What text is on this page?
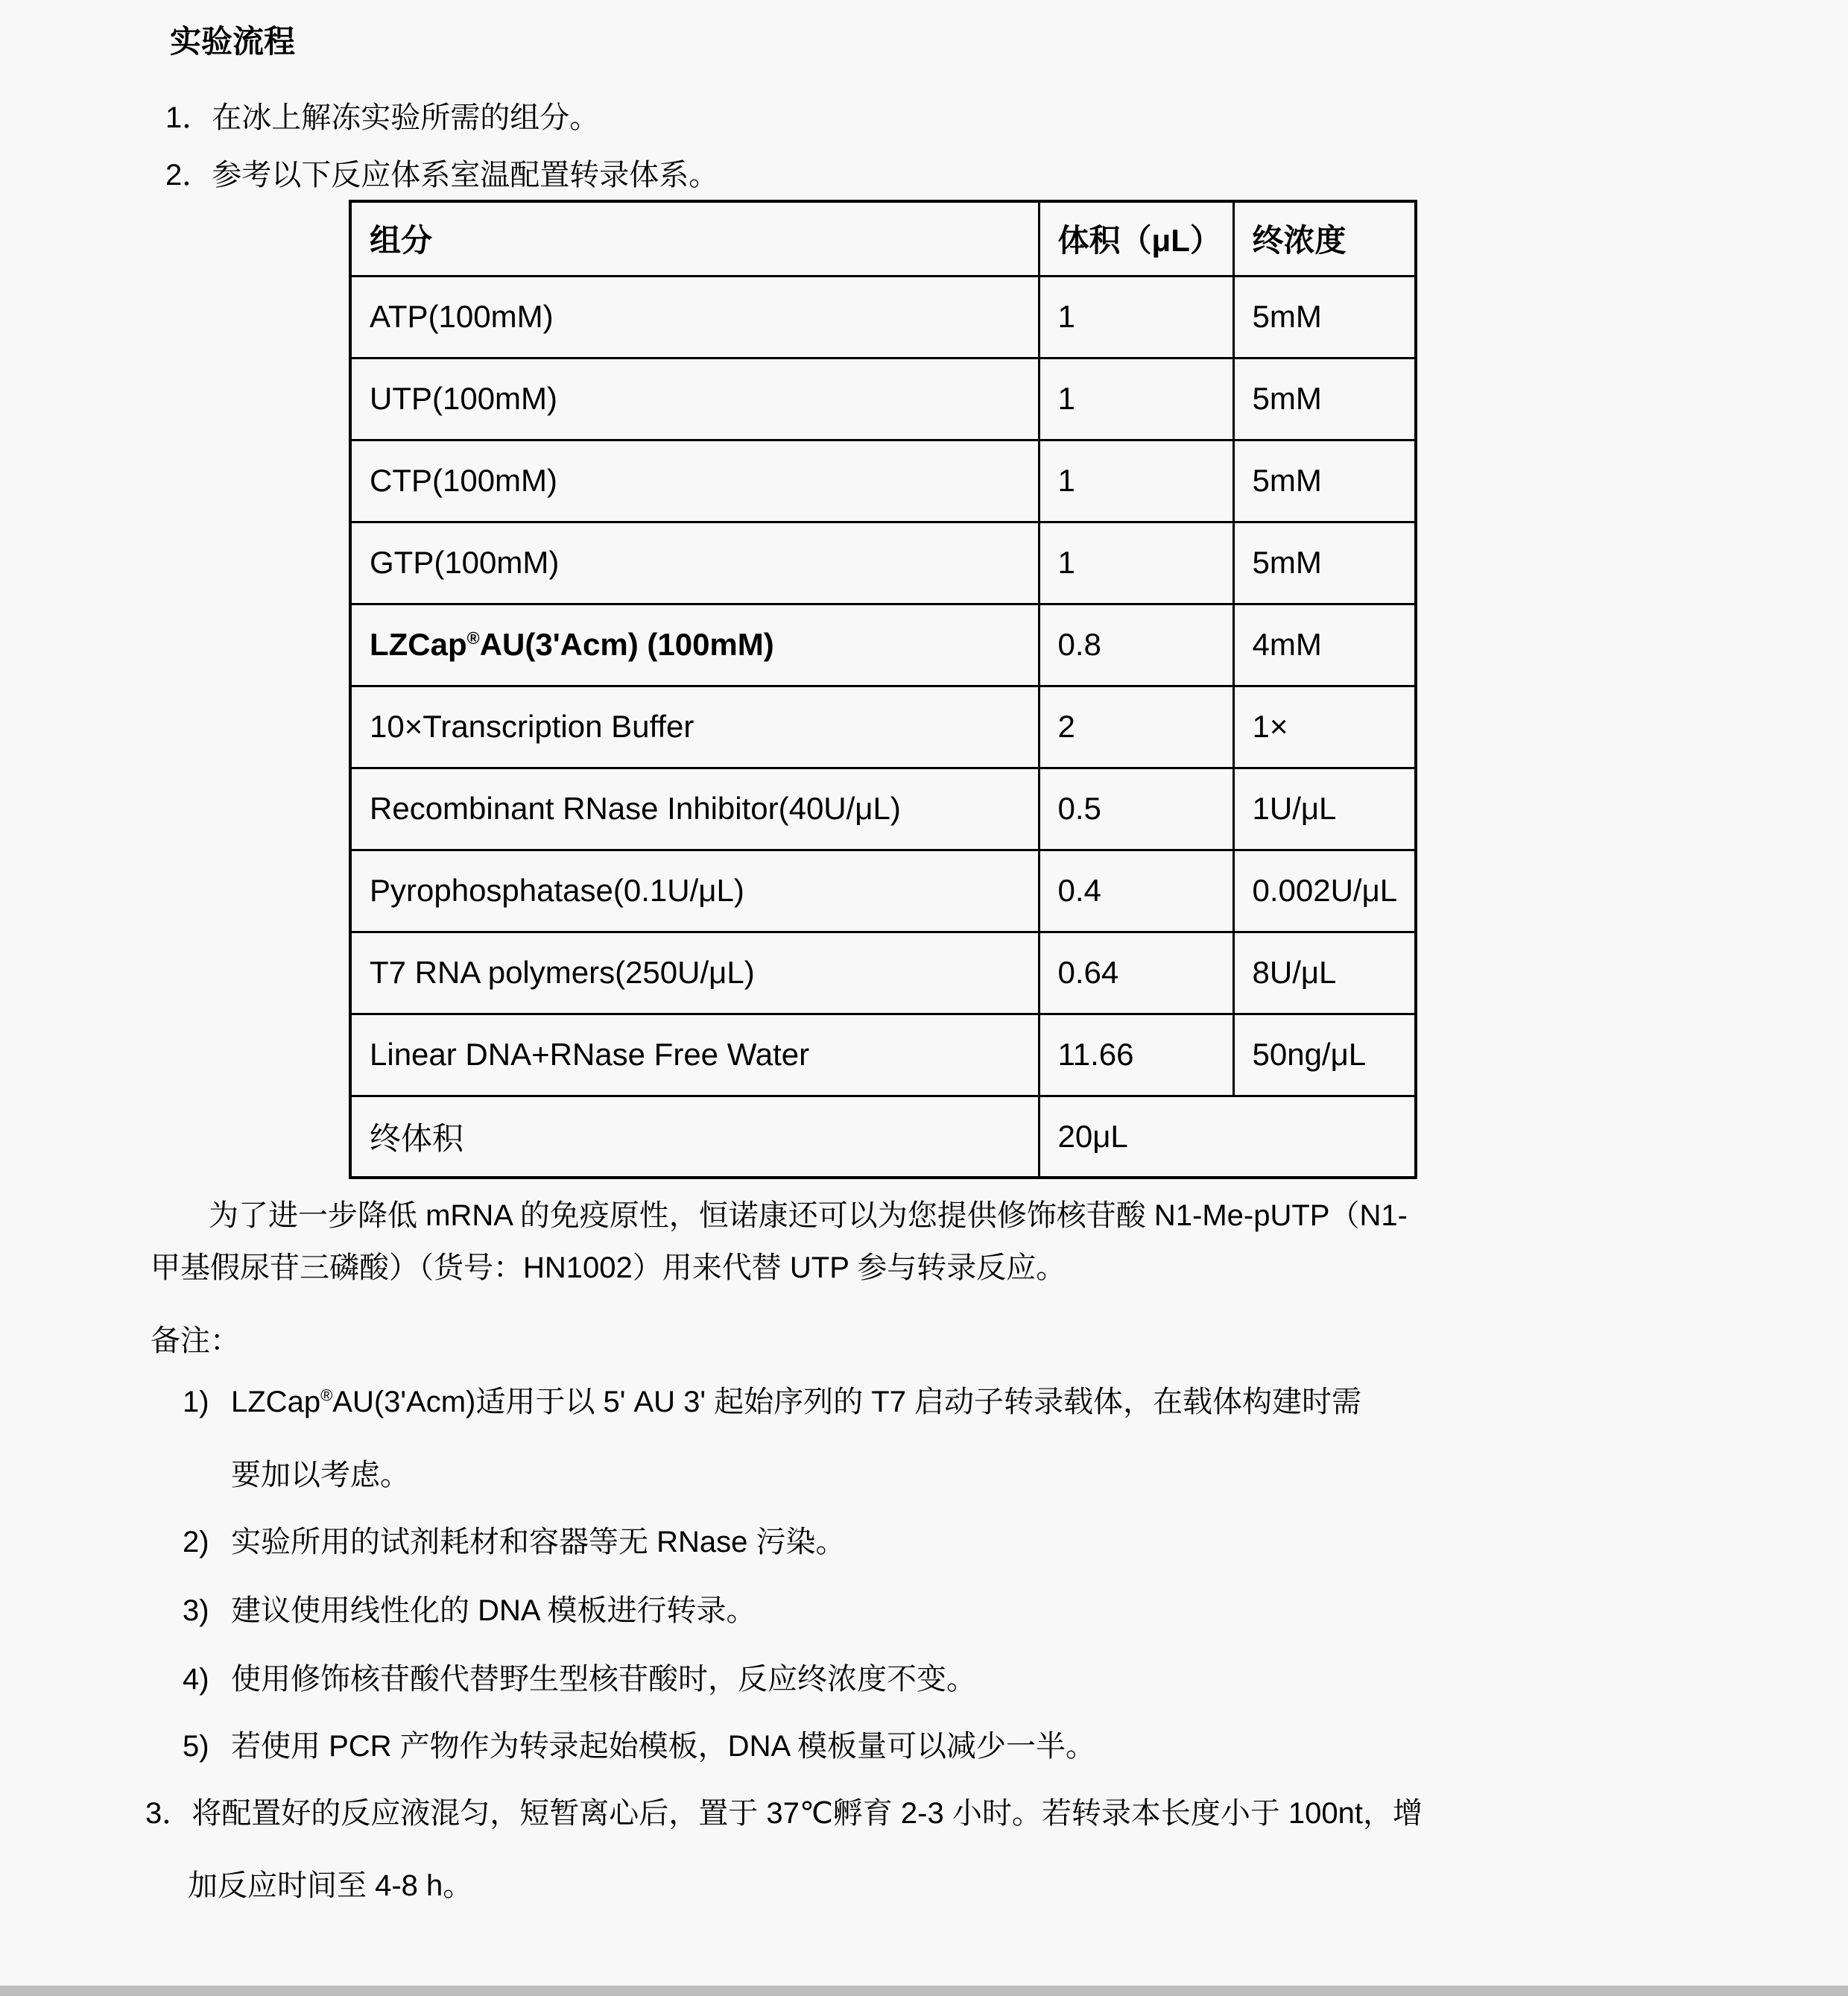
实验流程
1．在冰上解冻实验所需的组分。
2．参考以下反应体系室温配置转录体系。
组分	体积（μL）	终浓度
ATP(100mM)	1	5mM
UTP(100mM)	1	5mM
CTP(100mM)	1	5mM
GTP(100mM)	1	5mM
LZCap®AU(3'Acm) (100mM)	0.8	4mM
10×Transcription Buffer	2	1×
Recombinant RNase Inhibitor(40U/μL)	0.5	1U/μL
Pyrophosphatase(0.1U/μL)	0.4	0.002U/μL
T7 RNA polymers(250U/μL)	0.64	8U/μL
Linear DNA+RNase Free Water	11.66	50ng/μL
终体积	20μL	
为了进一步降低 mRNA 的免疫原性，恒诺康还可以为您提供修饰核苷酸 N1-Me-pUTP（N1-
甲基假尿苷三磷酸）（货号：HN1002）用来代替 UTP 参与转录反应。
备注：
1) LZCap®AU(3'Acm)适用于以 5' AU 3' 起始序列的 T7 启动子转录载体，在载体构建时需
要加以考虑。
2) 实验所用的试剂耗材和容器等无 RNase 污染。
3) 建议使用线性化的 DNA 模板进行转录。
4) 使用修饰核苷酸代替野生型核苷酸时，反应终浓度不变。
5) 若使用 PCR 产物作为转录起始模板，DNA 模板量可以减少一半。
3．将配置好的反应液混匀，短暂离心后，置于 37℃孵育 2-3 小时。若转录本长度小于 100nt，增
加反应时间至 4-8 h。
